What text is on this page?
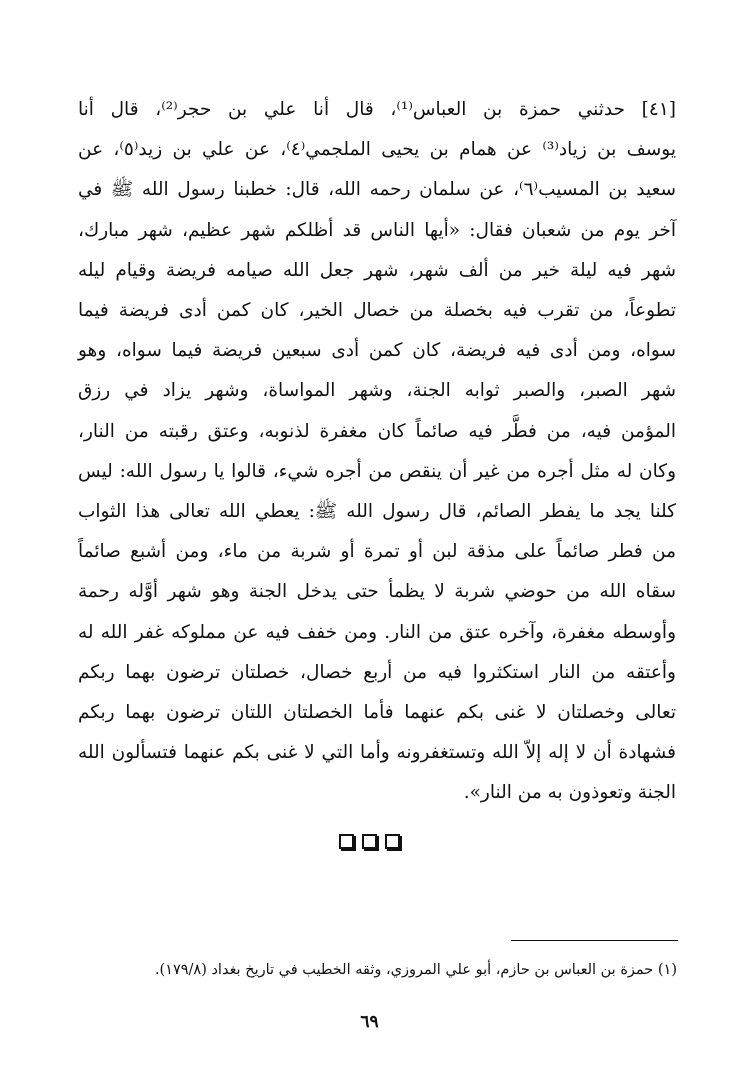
[٤١] حدثني حمزة بن العباس⁽¹⁾، قال أنا علي بن حجر⁽²⁾، قال أنا
يوسف بن زياد⁽³⁾ عن همام بن يحيى الملجمي⁽٤⁾، عن علي بن زيد⁽٥⁾، عن
سعيد بن المسيب⁽٦⁾، عن سلمان رحمه الله، قال: خطبنا رسول الله ﷺ في
آخر يوم من شعبان فقال: «أيها الناس قد أظلكم شهر عظيم، شهر مبارك،
شهر فيه ليلة خير من ألف شهر، شهر جعل الله صيامه فريضة وقيام ليله
تطوعاً، من تقرب فيه بخصلة من خصال الخير، كان كمن أدى فريضة فيما
سواه، ومن أدى فيه فريضة، كان كمن أدى سبعين فريضة فيما سواه، وهو
شهر الصبر، والصبر ثوابه الجنة، وشهر المواساة، وشهر يزاد في رزق
المؤمن فيه، من فطَّر فيه صائماً كان مغفرة لذنوبه، وعتق رقبته من النار،
وكان له مثل أجره من غير أن ينقص من أجره شيء، قالوا يا رسول الله: ليس
كلنا يجد ما يفطر الصائم، قال رسول الله ﷺ: يعطي الله تعالى هذا الثواب
من فطر صائماً على مذقة لبن أو تمرة أو شربة من ماء، ومن أشبع صائماً
سقاه الله من حوضي شربة لا يظمأ حتى يدخل الجنة وهو شهر أوَّله رحمة
وأوسطه مغفرة، وآخره عتق من النار. ومن خفف فيه عن مملوكه غفر الله له
وأعتقه من النار استكثروا فيه من أربع خصال، خصلتان ترضون بهما ربكم
تعالى وخصلتان لا غنى بكم عنهما فأما الخصلتان اللتان ترضون بهما ربكم
فشهادة أن لا إله إلاّ الله وتستغفرونه وأما التي لا غنى بكم عنهما فتسألون الله
الجنة وتعوذون به من النار».
(١) حمزة بن العباس بن حازم، أبو علي المروزي، وثقه الخطيب في تاريخ بغداد (١٧٩/٨).
٦٩
